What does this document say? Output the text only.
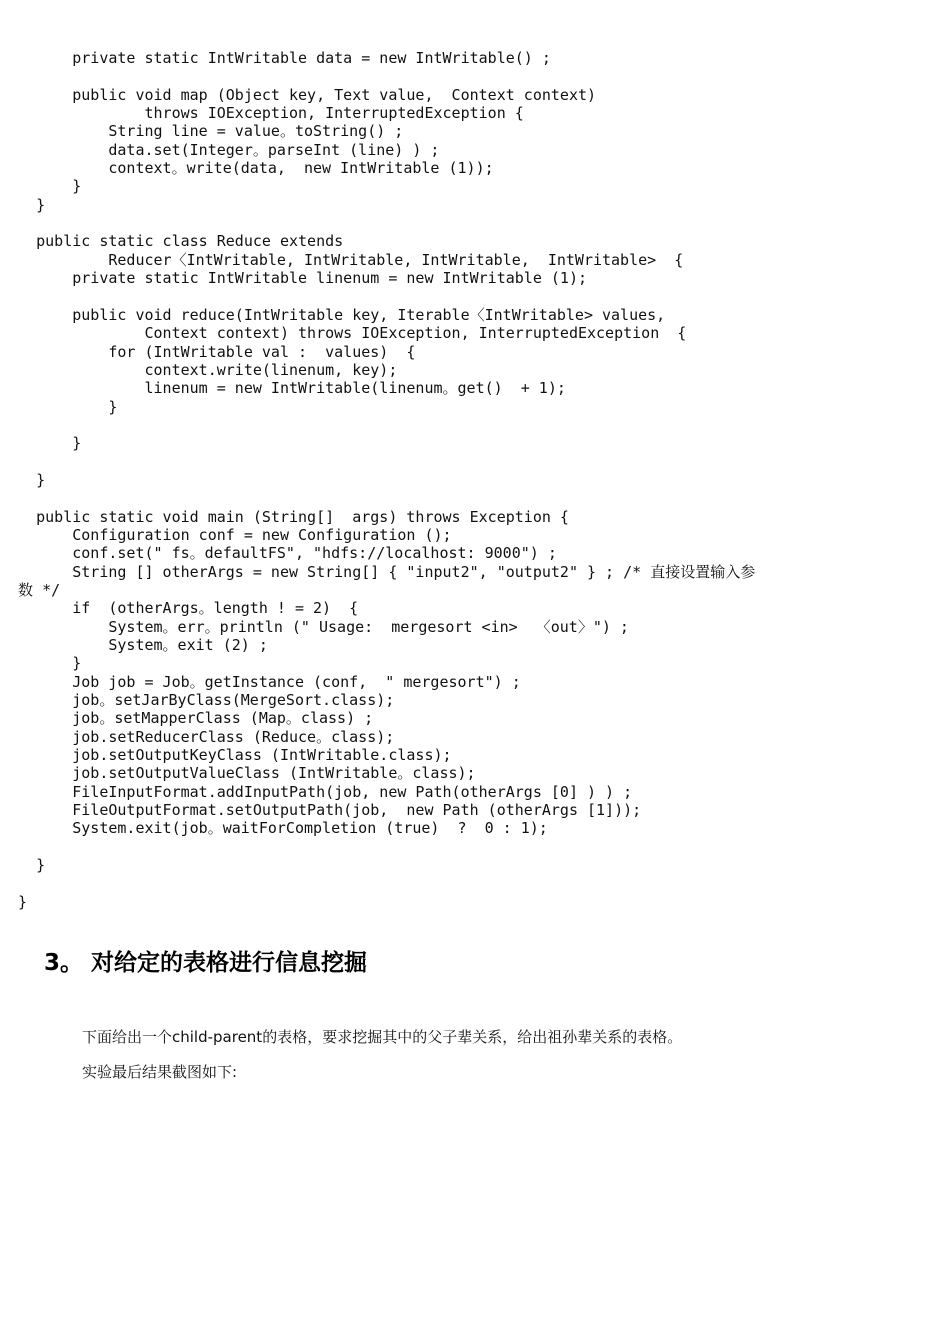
private static IntWritable data = new IntWritable() ;
public void map (Object key, Text value,  Context context)
throws IOException, InterruptedException {
String line = value。toString() ;
data.set(Integer。parseInt (line) ) ;
context。write(data,  new IntWritable (1));
}
}
public static class Reduce extends
Reducer〈IntWritable, IntWritable, IntWritable,  IntWritable>  {
private static IntWritable linenum = new IntWritable (1);
public void reduce(IntWritable key, Iterable〈IntWritable> values,
Context context) throws IOException, InterruptedException  {
for (IntWritable val :  values)  {
context.write(linenum, key);
linenum = new IntWritable(linenum。get()  + 1);
}
}
}
public static void main (String[]  args) throws Exception {
Configuration conf = new Configuration ();
conf.set(" fs。defaultFS", "hdfs://localhost: 9000") ;
String [] otherArgs = new String[] { "input2", "output2" } ; /* 直接设置输入参
数 */
if  (otherArgs。length ! = 2)  {
System。err。println (" Usage:  mergesort <in>  〈out〉") ;
System。exit (2) ;
}
Job job = Job。getInstance (conf,  " mergesort") ;
job。setJarByClass(MergeSort.class);
job。setMapperClass (Map。class) ;
job.setReducerClass (Reduce。class);
job.setOutputKeyClass (IntWritable.class);
job.setOutputValueClass (IntWritable。class);
FileInputFormat.addInputPath(job, new Path(otherArgs [0] ) ) ;
FileOutputFormat.setOutputPath(job,  new Path (otherArgs [1]));
System.exit(job。waitForCompletion (true)  ?  0 : 1);
}
}
3。 对给定的表格进行信息挖掘

下面给出一个child-parent的表格，要求挖掘其中的父子辈关系，给出祖孙辈关系的表格。

实验最后结果截图如下:
